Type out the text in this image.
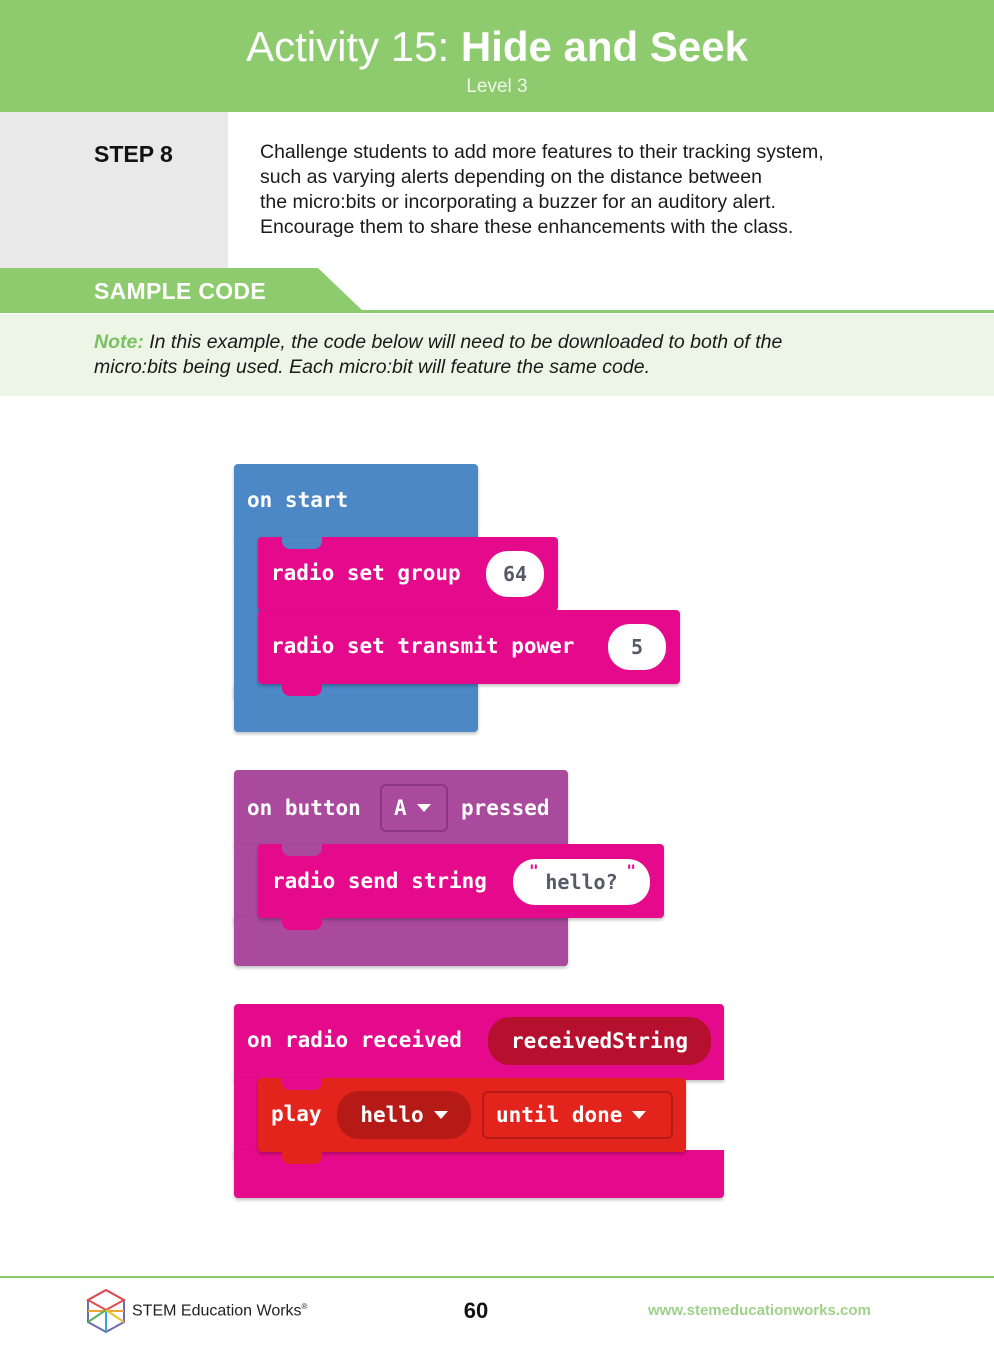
Activity 15: Hide and Seek
Level 3
STEP 8	Challenge students to add more features to their tracking system,
such as varying alerts depending on the distance between
the micro:bits or incorporating a buzzer for an auditory alert.
Encourage them to share these enhancements with the class.
SAMPLE CODE
Note: In this example, the code below will need to be downloaded to both of the
micro:bits being used. Each micro:bit will feature the same code.
on start
radio set group	64
radio set transmit power	5
on button A	pressed
radio send string	" hello? "
on radio received	receivedString
play hello	until done
STEM Education Works®	60	www.stemeducationworks.com
